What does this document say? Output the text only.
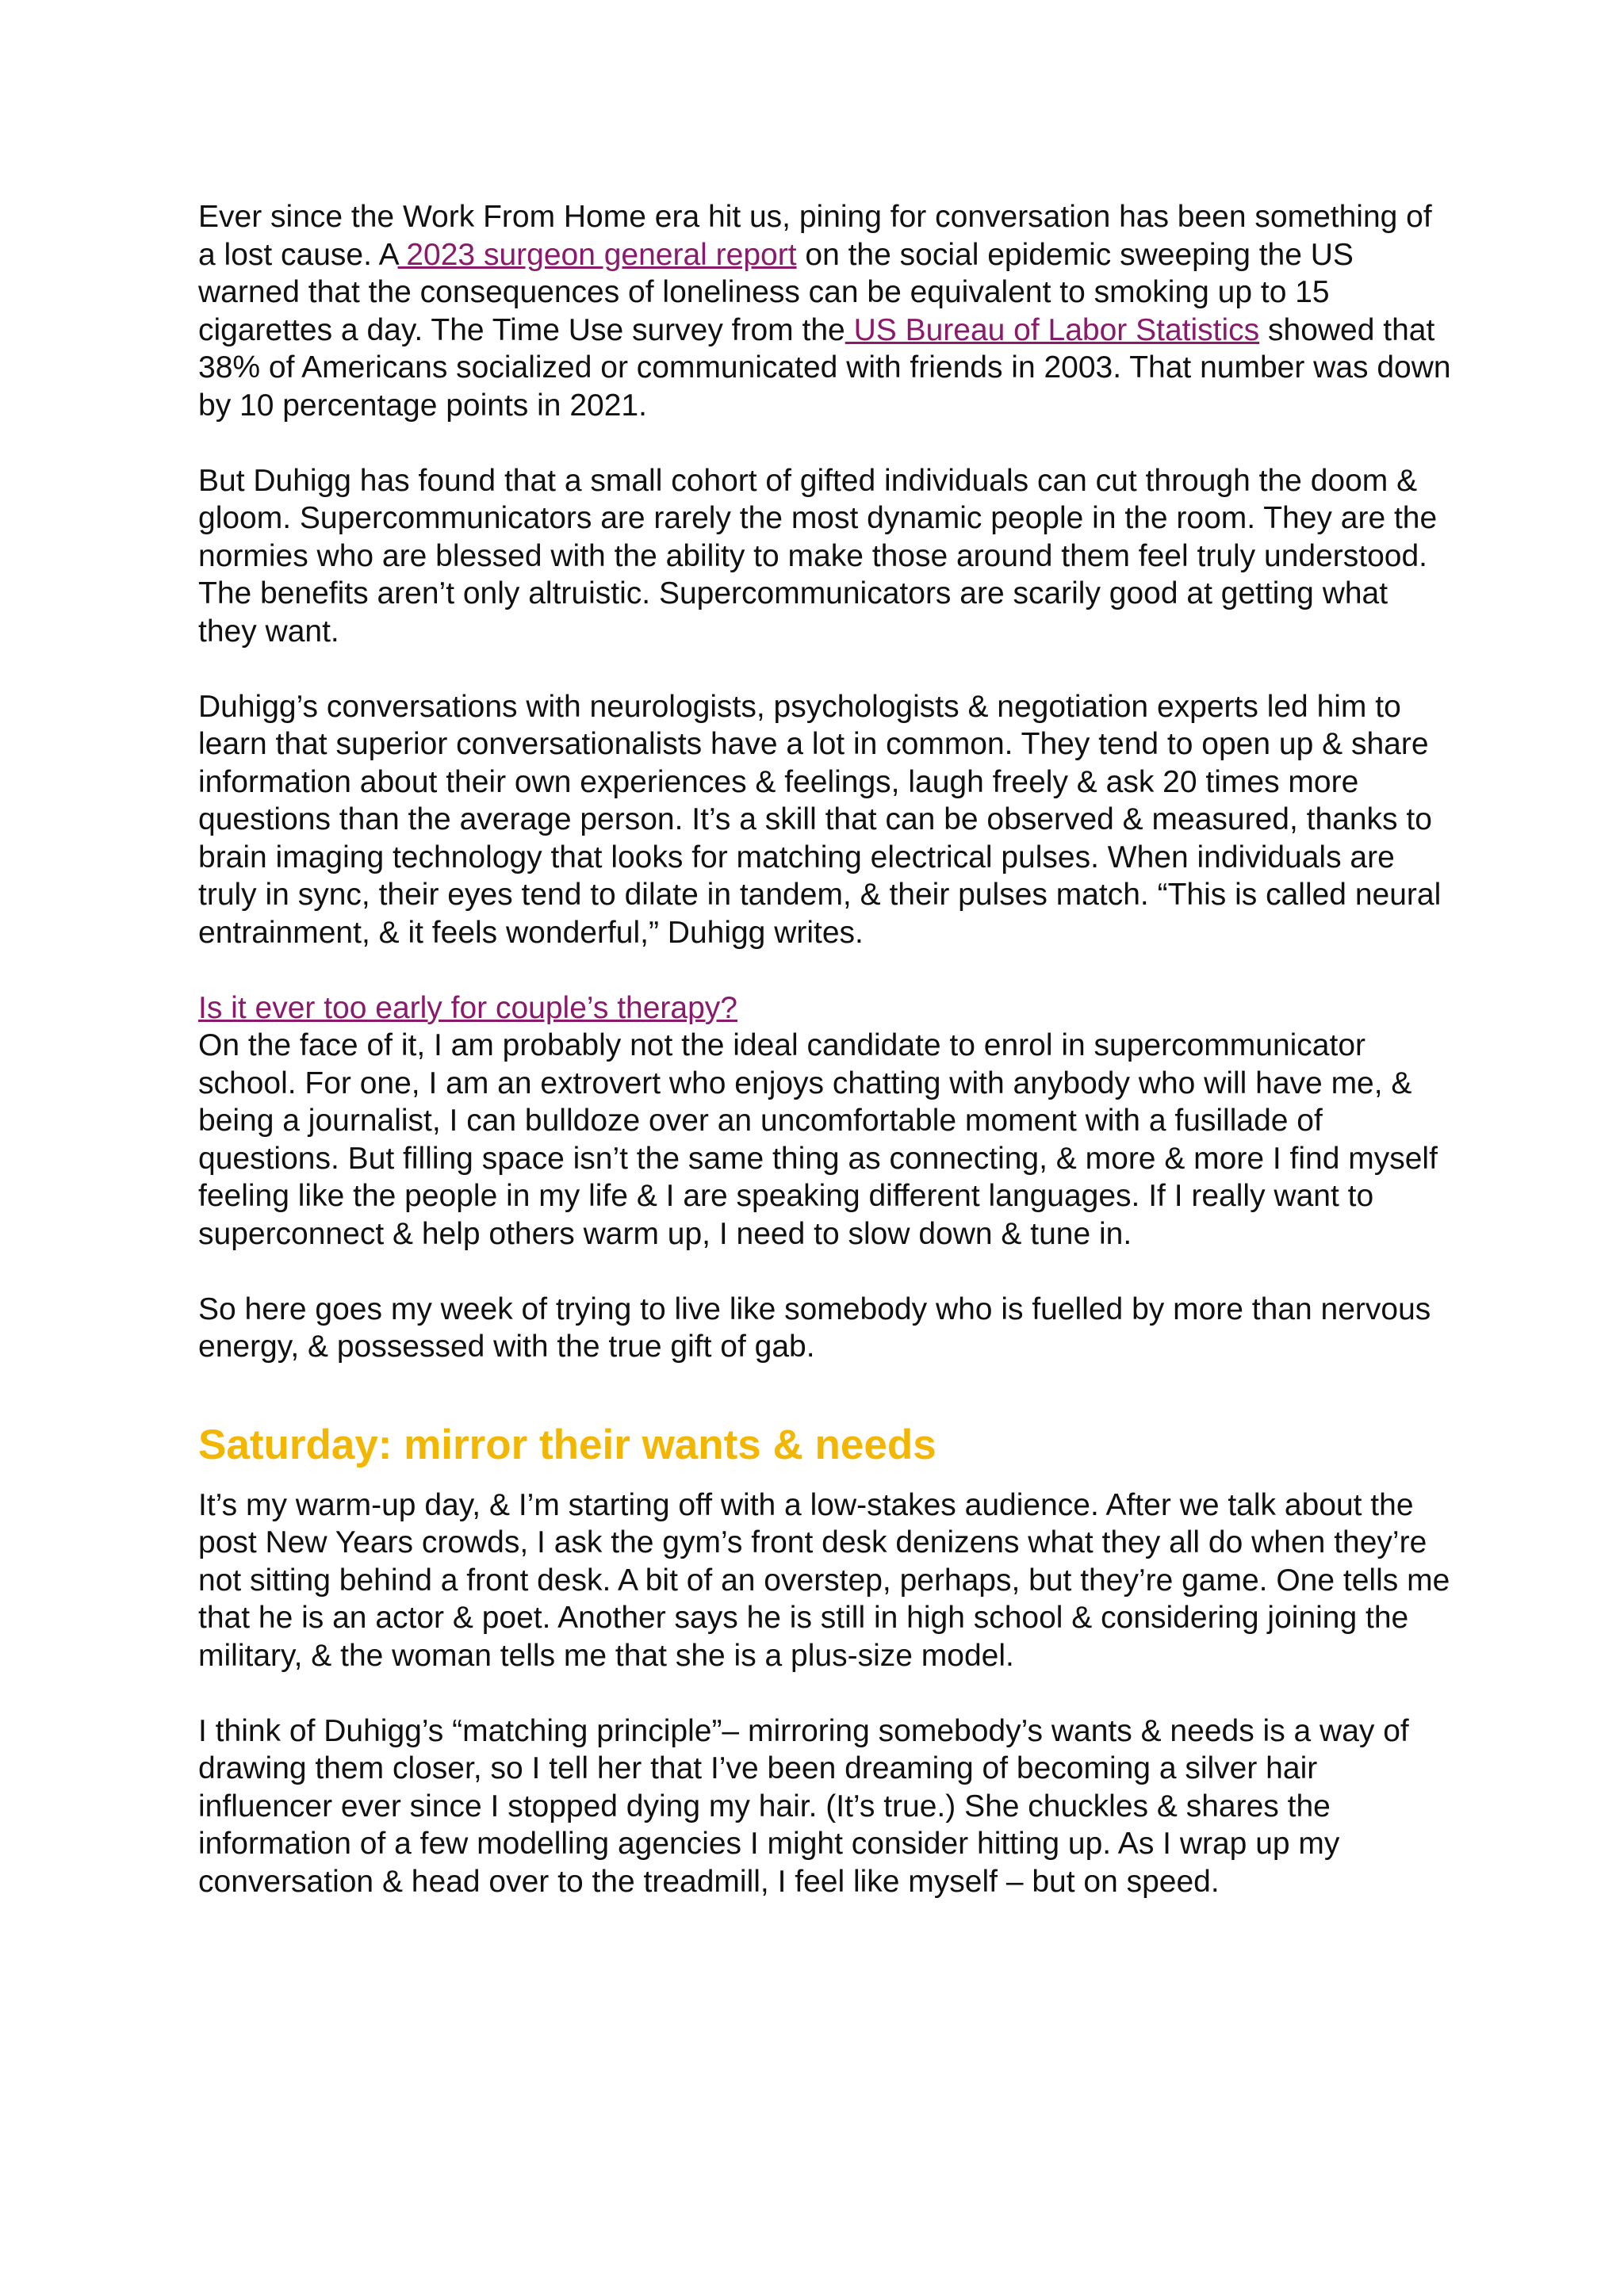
Ever since the Work From Home era hit us, pining for conversation has been something of a lost cause. A 2023 surgeon general report on the social epidemic sweeping the US warned that the consequences of loneliness can be equivalent to smoking up to 15 cigarettes a day. The Time Use survey from the US Bureau of Labor Statistics showed that 38% of Americans socialized or communicated with friends in 2003. That number was down by 10 percentage points in 2021.

But Duhigg has found that a small cohort of gifted individuals can cut through the doom & gloom. Supercommunicators are rarely the most dynamic people in the room. They are the normies who are blessed with the ability to make those around them feel truly understood. The benefits aren’t only altruistic. Supercommunicators are scarily good at getting what they want.

Duhigg’s conversations with neurologists, psychologists & negotiation experts led him to learn that superior conversationalists have a lot in common. They tend to open up & share information about their own experiences & feelings, laugh freely & ask 20 times more questions than the average person. It’s a skill that can be observed & measured, thanks to brain imaging technology that looks for matching electrical pulses. When individuals are truly in sync, their eyes tend to dilate in tandem, & their pulses match. “This is called neural entrainment, & it feels wonderful,” Duhigg writes.

Is it ever too early for couple’s therapy?

On the face of it, I am probably not the ideal candidate to enrol in supercommunicator school. For one, I am an extrovert who enjoys chatting with anybody who will have me, & being a journalist, I can bulldoze over an uncomfortable moment with a fusillade of questions. But filling space isn’t the same thing as connecting, & more & more I find myself feeling like the people in my life & I are speaking different languages. If I really want to superconnect & help others warm up, I need to slow down & tune in.

So here goes my week of trying to live like somebody who is fuelled by more than nervous energy, & possessed with the true gift of gab.

Saturday: mirror their wants & needs

It’s my warm-up day, & I’m starting off with a low-stakes audience. After we talk about the post New Years crowds, I ask the gym’s front desk denizens what they all do when they’re not sitting behind a front desk. A bit of an overstep, perhaps, but they’re game. One tells me that he is an actor & poet. Another says he is still in high school & considering joining the military, & the woman tells me that she is a plus-size model.

I think of Duhigg’s “matching principle”– mirroring somebody’s wants & needs is a way of drawing them closer, so I tell her that I’ve been dreaming of becoming a silver hair influencer ever since I stopped dying my hair. (It’s true.) She chuckles & shares the information of a few modelling agencies I might consider hitting up. As I wrap up my conversation & head over to the treadmill, I feel like myself – but on speed.
